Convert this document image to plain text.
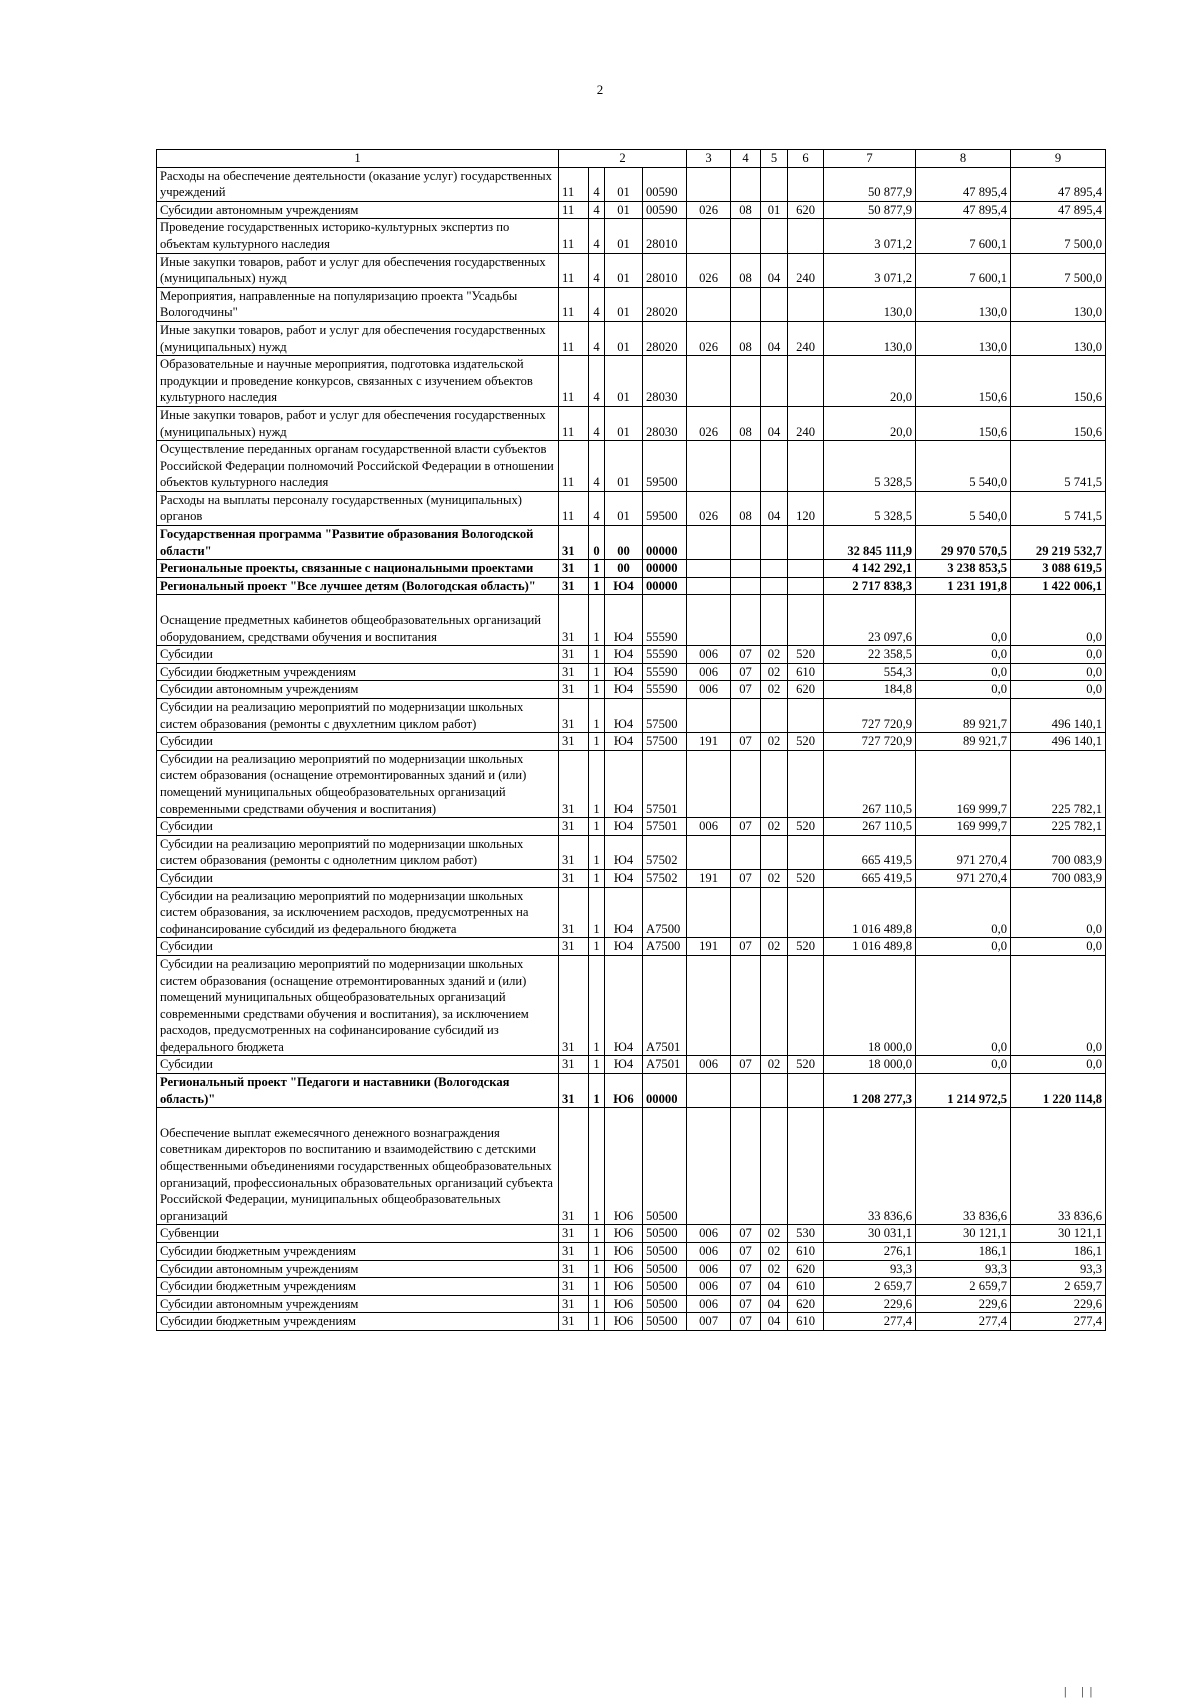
2
1	2				3	4	5	6	7	8	9
Расходы на обеспечение деятельности (оказание услуг) государственных учреждений	11	4	01	00590					50 877,9	47 895,4	47 895,4
Субсидии автономным учреждениям	11	4	01	00590	026	08	01	620	50 877,9	47 895,4	47 895,4
Проведение государственных историко-культурных экспертиз по объектам культурного наследия	11	4	01	28010					3 071,2	7 600,1	7 500,0
Иные закупки товаров, работ и услуг для обеспечения государственных (муниципальных) нужд	11	4	01	28010	026	08	04	240	3 071,2	7 600,1	7 500,0
Мероприятия, направленные на популяризацию проекта "Усадьбы Вологодчины"	11	4	01	28020					130,0	130,0	130,0
Иные закупки товаров, работ и услуг для обеспечения государственных (муниципальных) нужд	11	4	01	28020	026	08	04	240	130,0	130,0	130,0
Образовательные и научные мероприятия, подготовка издательской продукции и проведение конкурсов, связанных с изучением объектов культурного наследия	11	4	01	28030					20,0	150,6	150,6
Иные закупки товаров, работ и услуг для обеспечения государственных (муниципальных) нужд	11	4	01	28030	026	08	04	240	20,0	150,6	150,6
Осуществление переданных органам государственной власти субъектов Российской Федерации полномочий Российской Федерации в отношении объектов культурного наследия	11	4	01	59500					5 328,5	5 540,0	5 741,5
Расходы на выплаты персоналу государственных (муниципальных) органов	11	4	01	59500	026	08	04	120	5 328,5	5 540,0	5 741,5
Государственная программа "Развитие образования Вологодской области"	31	0	00	00000					32 845 111,9	29 970 570,5	29 219 532,7
Региональные проекты, связанные с национальными проектами	31	1	00	00000					4 142 292,1	3 238 853,5	3 088 619,5
Региональный проект "Все лучшее детям (Вологодская область)"	31	1	Ю4	00000					2 717 838,3	1 231 191,8	1 422 006,1

Оснащение предметных кабинетов общеобразовательных организаций оборудованием, средствами обучения и воспитания	31	1	Ю4	55590					23 097,6	0,0	0,0
Субсидии	31	1	Ю4	55590	006	07	02	520	22 358,5	0,0	0,0
Субсидии бюджетным учреждениям	31	1	Ю4	55590	006	07	02	610	554,3	0,0	0,0
Субсидии автономным учреждениям	31	1	Ю4	55590	006	07	02	620	184,8	0,0	0,0
Субсидии на реализацию мероприятий по модернизации школьных систем образования (ремонты с двухлетним циклом работ)	31	1	Ю4	57500					727 720,9	89 921,7	496 140,1
Субсидии	31	1	Ю4	57500	191	07	02	520	727 720,9	89 921,7	496 140,1
Субсидии на реализацию мероприятий по модернизации школьных систем образования (оснащение отремонтированных зданий и (или) помещений муниципальных общеобразовательных организаций современными средствами обучения и воспитания)	31	1	Ю4	57501					267 110,5	169 999,7	225 782,1
Субсидии	31	1	Ю4	57501	006	07	02	520	267 110,5	169 999,7	225 782,1
Субсидии на реализацию мероприятий по модернизации школьных систем образования (ремонты с однолетним циклом работ)	31	1	Ю4	57502					665 419,5	971 270,4	700 083,9
Субсидии	31	1	Ю4	57502	191	07	02	520	665 419,5	971 270,4	700 083,9
Субсидии на реализацию мероприятий по модернизации школьных систем образования, за исключением расходов, предусмотренных на софинансирование субсидий из федерального бюджета	31	1	Ю4	А7500					1 016 489,8	0,0	0,0
Субсидии	31	1	Ю4	А7500	191	07	02	520	1 016 489,8	0,0	0,0
Субсидии на реализацию мероприятий по модернизации школьных систем образования (оснащение отремонтированных зданий и (или) помещений муниципальных общеобразовательных организаций современными средствами обучения и воспитания), за исключением расходов, предусмотренных на софинансирование субсидий из федерального бюджета	31	1	Ю4	А7501					18 000,0	0,0	0,0
Субсидии	31	1	Ю4	А7501	006	07	02	520	18 000,0	0,0	0,0
Региональный проект "Педагоги и наставники (Вологодская область)"	31	1	Ю6	00000					1 208 277,3	1 214 972,5	1 220 114,8

Обеспечение выплат ежемесячного денежного вознаграждения советникам директоров по воспитанию и взаимодействию с детскими общественными объединениями государственных общеобразовательных организаций, профессиональных образовательных организаций субъекта Российской Федерации, муниципальных общеобразовательных организаций	31	1	Ю6	50500					33 836,6	33 836,6	33 836,6
Субвенции	31	1	Ю6	50500	006	07	02	530	30 031,1	30 121,1	30 121,1
Субсидии бюджетным учреждениям	31	1	Ю6	50500	006	07	02	610	276,1	186,1	186,1
Субсидии автономным учреждениям	31	1	Ю6	50500	006	07	02	620	93,3	93,3	93,3
Субсидии бюджетным учреждениям	31	1	Ю6	50500	006	07	04	610	2 659,7	2 659,7	2 659,7
Субсидии автономным учреждениям	31	1	Ю6	50500	006	07	04	620	229,6	229,6	229,6
Субсидии бюджетным учреждениям	31	1	Ю6	50500	007	07	04	610	277,4	277,4	277,4
| ||
